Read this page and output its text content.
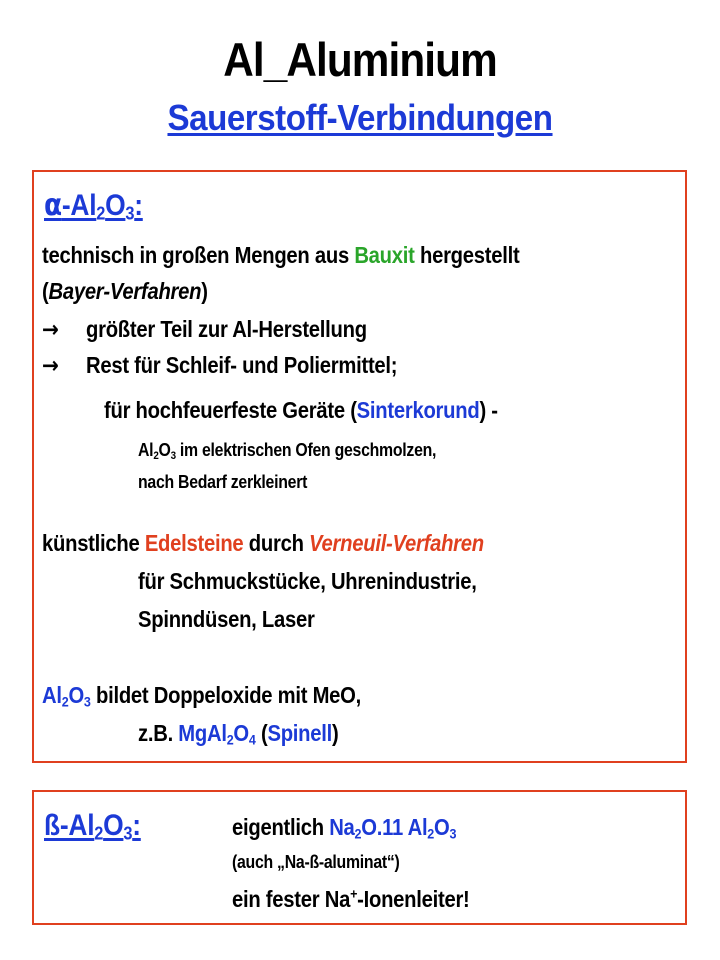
Al_Aluminium
Sauerstoff-Verbindungen
$\alpha-Al_2O_3$:
technisch in großen Mengen aus Bauxit hergestellt
(Bayer-Verfahren)
→ größter Teil zur Al-Herstellung
→ Rest für Schleif- und Poliermittel;
für hochfeuerfeste Geräte (Sinterkorund) -
$Al_2O_3$ im elektrischen Ofen geschmolzen,
nach Bedarf zerkleinert
künstliche Edelsteine durch Verneuil-Verfahren
für Schmuckstücke, Uhrenindustrie,
Spinndüsen, Laser
$Al_2O_3$ bildet Doppeloxide mit MeO,
z.B. $MgAl_2O_4$ (Spinell)
$ß-Al_2O_3$:	eigentlich $Na_2O.11$ $Al_2O_3$
(auch „Na-ß-aluminat“)
ein fester Na+-Ionenleiter!
